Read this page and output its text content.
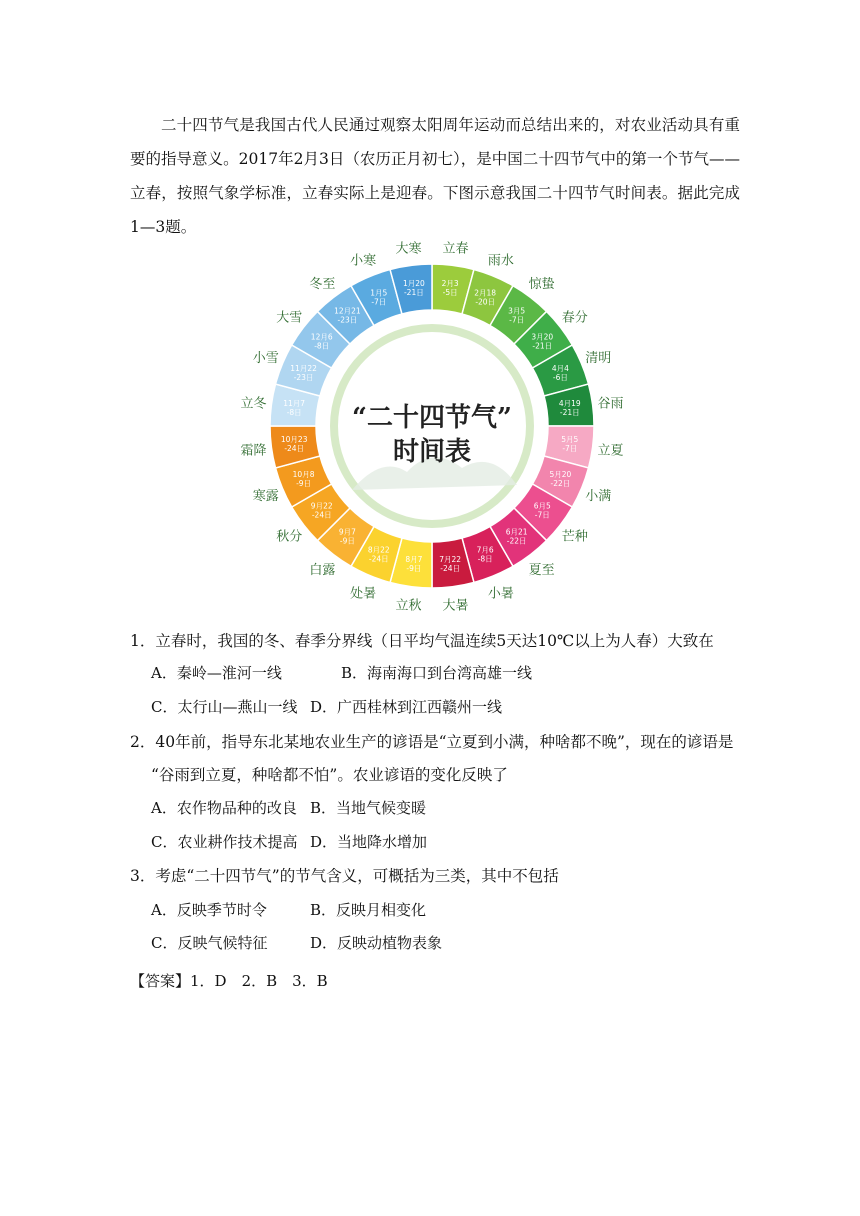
二十四节气是我国古代人民通过观察太阳周年运动而总结出来的，对农业活动具有重要的指导意义。2017年2月3日（农历正月初七），是中国二十四节气中的第一个节气——立春，按照气象学标准，立春实际上是迎春。下图示意我国二十四节气时间表。据此完成1—3题。
2月3 -5日
立春
2月18 -20日
雨水
3月5 -7日
惊蛰
3月20 -21日
春分
4月4 -6日
清明
4月19 -21日
谷雨
5月5 -7日 立夏
5月20 -22日
小满
6月5 -7日
芒种
6月21 -22日
夏至
7月6 -8日
小暑
7月22 -24日
大暑
8月7 -9日
立秋
8月22 -24日
处暑
9月7 -9日
白露
9月22 -24日
秋分
10月8 -9日
寒露
10月23 -24日
霜降
11月7 -8日
立冬
11月22 -23日
小雪
12月6 -8日
大雪	12月21 -23日
冬至
1月5 -7日
小寒
1月20 -21日
大寒
“二十四节气”
时间表
1．立春时，我国的冬、春季分界线（日平均气温连续5天达10℃以上为人春）大致在
A．秦岭—淮河一线	B．海南海口到台湾高雄一线
C．太行山—燕山一线 D．广西桂林到江西赣州一线
2．40年前，指导东北某地农业生产的谚语是“立夏到小满，种啥都不晚”，现在的谚语是
“谷雨到立夏，种啥都不怕”。农业谚语的变化反映了
A．农作物品种的改良 B．当地气候变暖
C．农业耕作技术提高 D．当地降水增加
3．考虑“二十四节气”的节气含义，可概括为三类，其中不包括
A．反映季节时令	B．反映月相变化
C．反映气候特征	D．反映动植物表象
【答案】1．D　2．B　3．B
